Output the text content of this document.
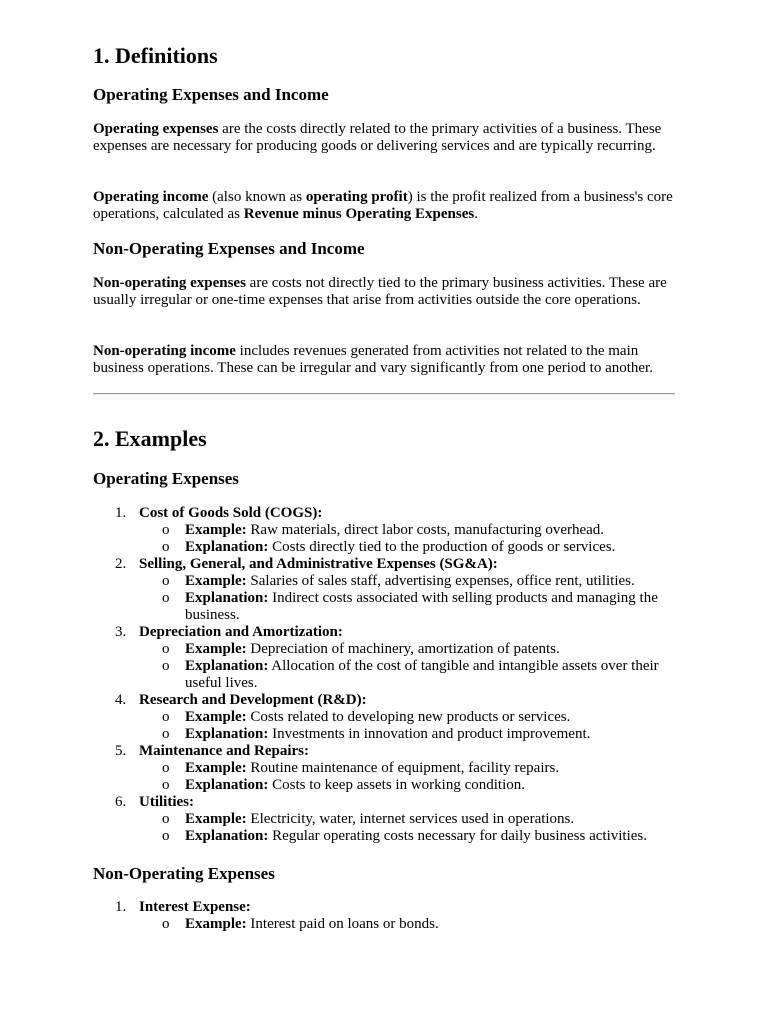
1. Definitions
Operating Expenses and Income

Operating expenses are the costs directly related to the primary activities of a business. These expenses are necessary for producing goods or delivering services and are typically recurring.

Operating income (also known as operating profit) is the profit realized from a business's core operations, calculated as Revenue minus Operating Expenses.

Non-Operating Expenses and Income

Non-operating expenses are costs not directly tied to the primary business activities. These are usually irregular or one-time expenses that arise from activities outside the core operations.

Non-operating income includes revenues generated from activities not related to the main business operations. These can be irregular and vary significantly from one period to another.

2. Examples
Operating Expenses
1. Cost of Goods Sold (COGS):
o Example: Raw materials, direct labor costs, manufacturing overhead.
o Explanation: Costs directly tied to the production of goods or services.
2. Selling, General, and Administrative Expenses (SG&A):
o Example: Salaries of sales staff, advertising expenses, office rent, utilities.
o Explanation: Indirect costs associated with selling products and managing the business.
3. Depreciation and Amortization:
o Example: Depreciation of machinery, amortization of patents.
o Explanation: Allocation of the cost of tangible and intangible assets over their useful lives.
4. Research and Development (R&D):
o Example: Costs related to developing new products or services.
o Explanation: Investments in innovation and product improvement.
5. Maintenance and Repairs:
o Example: Routine maintenance of equipment, facility repairs.
o Explanation: Costs to keep assets in working condition.
6. Utilities:
o Example: Electricity, water, internet services used in operations.
o Explanation: Regular operating costs necessary for daily business activities.
Non-Operating Expenses
1. Interest Expense:
o Example: Interest paid on loans or bonds.
